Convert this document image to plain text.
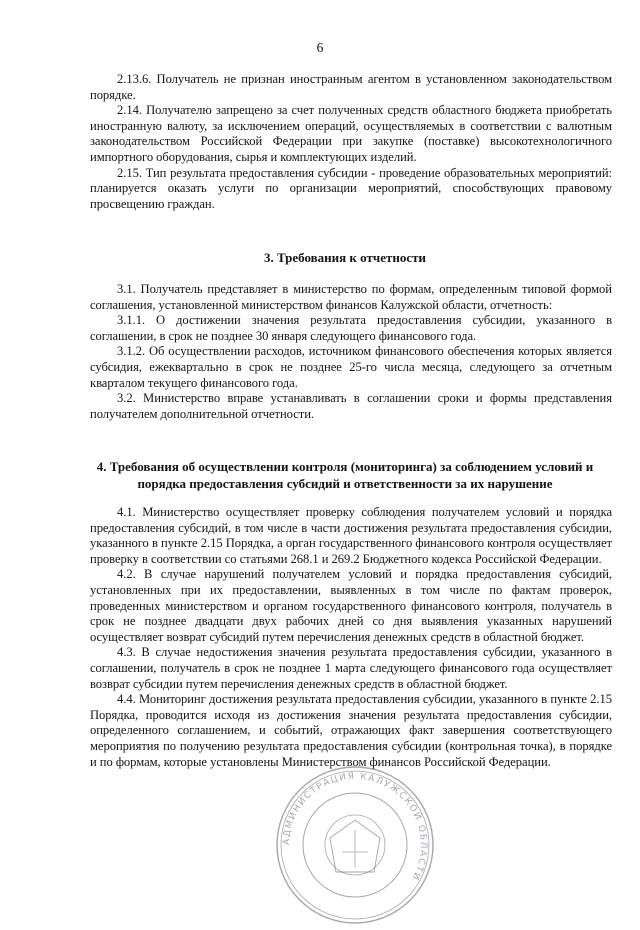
6

2.13.6. Получатель не признан иностранным агентом в установленном законодательством порядке.

2.14. Получателю запрещено за счет полученных средств областного бюджета приобретать иностранную валюту, за исключением операций, осуществляемых в соответствии с валютным законодательством Российской Федерации при закупке (поставке) высокотехнологичного импортного оборудования, сырья и комплектующих изделий.

2.15. Тип результата предоставления субсидии - проведение образовательных мероприятий: планируется оказать услуги по организации мероприятий, способствующих правовому просвещению граждан.

3. Требования к отчетности

3.1. Получатель представляет в министерство по формам, определенным типовой формой соглашения, установленной министерством финансов Калужской области, отчетность:

3.1.1. О достижении значения результата предоставления субсидии, указанного в соглашении, в срок не позднее 30 января следующего финансового года.

3.1.2. Об осуществлении расходов, источником финансового обеспечения которых является субсидия, ежеквартально в срок не позднее 25-го числа месяца, следующего за отчетным кварталом текущего финансового года.

3.2. Министерство вправе устанавливать в соглашении сроки и формы представления получателем дополнительной отчетности.

4. Требования об осуществлении контроля (мониторинга) за соблюдением условий и

порядка предоставления субсидий и ответственности за их нарушение

4.1. Министерство осуществляет проверку соблюдения получателем условий и порядка предоставления субсидий, в том числе в части достижения результата предоставления субсидии, указанного в пункте 2.15 Порядка, а орган государственного финансового контроля осуществляет проверку в соответствии со статьями 268.1 и 269.2 Бюджетного кодекса Российской Федерации.

4.2. В случае нарушений получателем условий и порядка предоставления субсидий, установленных при их предоставлении, выявленных в том числе по фактам проверок, проведенных министерством и органом государственного финансового контроля, получатель в срок не позднее двадцати двух рабочих дней со дня выявления указанных нарушений осуществляет возврат субсидий путем перечисления денежных средств в областной бюджет.

4.3. В случае недостижения значения результата предоставления субсидии, указанного в соглашении, получатель в срок не позднее 1 марта следующего финансового года осуществляет возврат субсидии путем перечисления денежных средств в областной бюджет.

4.4. Мониторинг достижения результата предоставления субсидии, указанного в пункте 2.15 Порядка, проводится исходя из достижения значения результата предоставления субсидии, определенного соглашением, и событий, отражающих факт завершения соответствующего мероприятия по получению результата предоставления субсидии (контрольная точка), в порядке и по формам, которые установлены Министерством финансов Российской Федерации.

АДМИНИСТРАЦИЯ КАЛУЖСКОЙ ОБЛАСТИ
